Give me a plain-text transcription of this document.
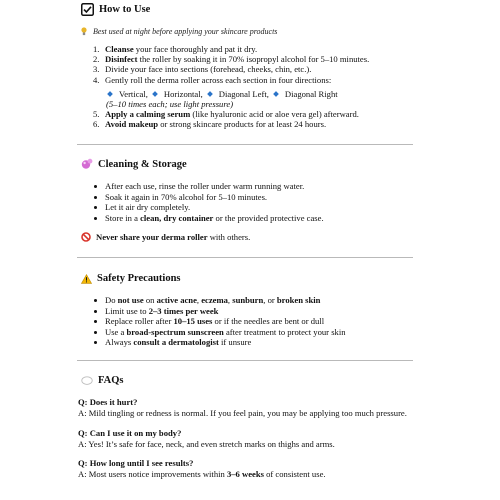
How to Use
Best used at night before applying your skincare products
1. Cleanse your face thoroughly and pat it dry.
2. Disinfect the roller by soaking it in 70% isopropyl alcohol for 5–10 minutes.
3. Divide your face into sections (forehead, cheeks, chin, etc.).
4. Gently roll the derma roller across each section in four directions:
Vertical, Horizontal, Diagonal Left, Diagonal Right
(5–10 times each; use light pressure)
5. Apply a calming serum (like hyaluronic acid or aloe vera gel) afterward.
6. Avoid makeup or strong skincare products for at least 24 hours.
Cleaning & Storage
After each use, rinse the roller under warm running water.
Soak it again in 70% alcohol for 5–10 minutes.
Let it air dry completely.
Store in a clean, dry container or the provided protective case.
Never share your derma roller with others.
Safety Precautions
Do not use on active acne, eczema, sunburn, or broken skin
Limit use to 2–3 times per week
Replace roller after 10–15 uses or if the needles are bent or dull
Use a broad-spectrum sunscreen after treatment to protect your skin
Always consult a dermatologist if unsure
FAQs
Q: Does it hurt?
A: Mild tingling or redness is normal. If you feel pain, you may be applying too much pressure.
Q: Can I use it on my body?
A: Yes! It’s safe for face, neck, and even stretch marks on thighs and arms.
Q: How long until I see results?
A: Most users notice improvements within 3–6 weeks of consistent use.
